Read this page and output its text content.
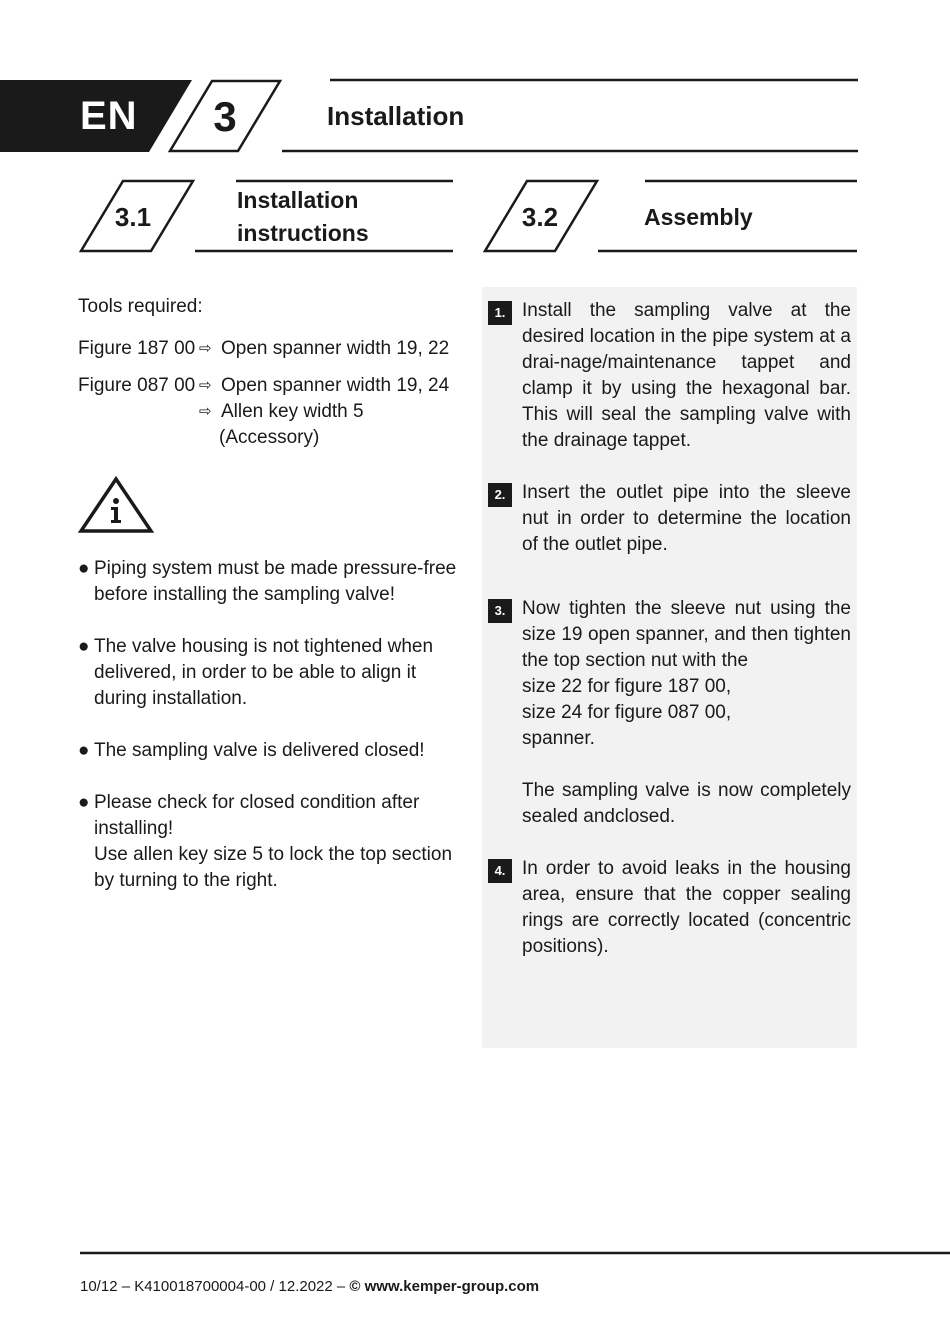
EN 3	Installation
3.1
Installation
instructions
3.2	Assembly
Tools required:
Figure 187 00 ⇨ Open spanner width 19, 22
Figure 087 00 ⇨ Open spanner width 19, 24
⇨ Allen key width 5
(Accessory)
● Piping system must be made pressure-free
before installing the sampling valve!
● The valve housing is not tightened when
delivered, in order to be able to align it
during installation.
● The sampling valve is delivered closed!
● Please check for closed condition after
installing!
Use allen key size 5 to lock the top section
by turning to the right.
1. Install the sampling valve at the desired location in the pipe system at a drai-nage/maintenance tappet and clamp it by using the hexagonal bar. This will seal the sampling valve with the drainage tappet.

2. Insert the outlet pipe into the sleeve nut in order to determine the location of the outlet pipe.

3. Now tighten the sleeve nut using the size 19 open spanner, and then tighten the top section nut with the

size 22 for figure 187 00,

size 24 for figure 087 00,

spanner.

The sampling valve is now completely sealed andclosed.

4. In order to avoid leaks in the housing area, ensure that the copper sealing rings are correctly located (concentric positions).

10/12 – K410018700004-00 / 12.2022 – © www.kemper-group.com
